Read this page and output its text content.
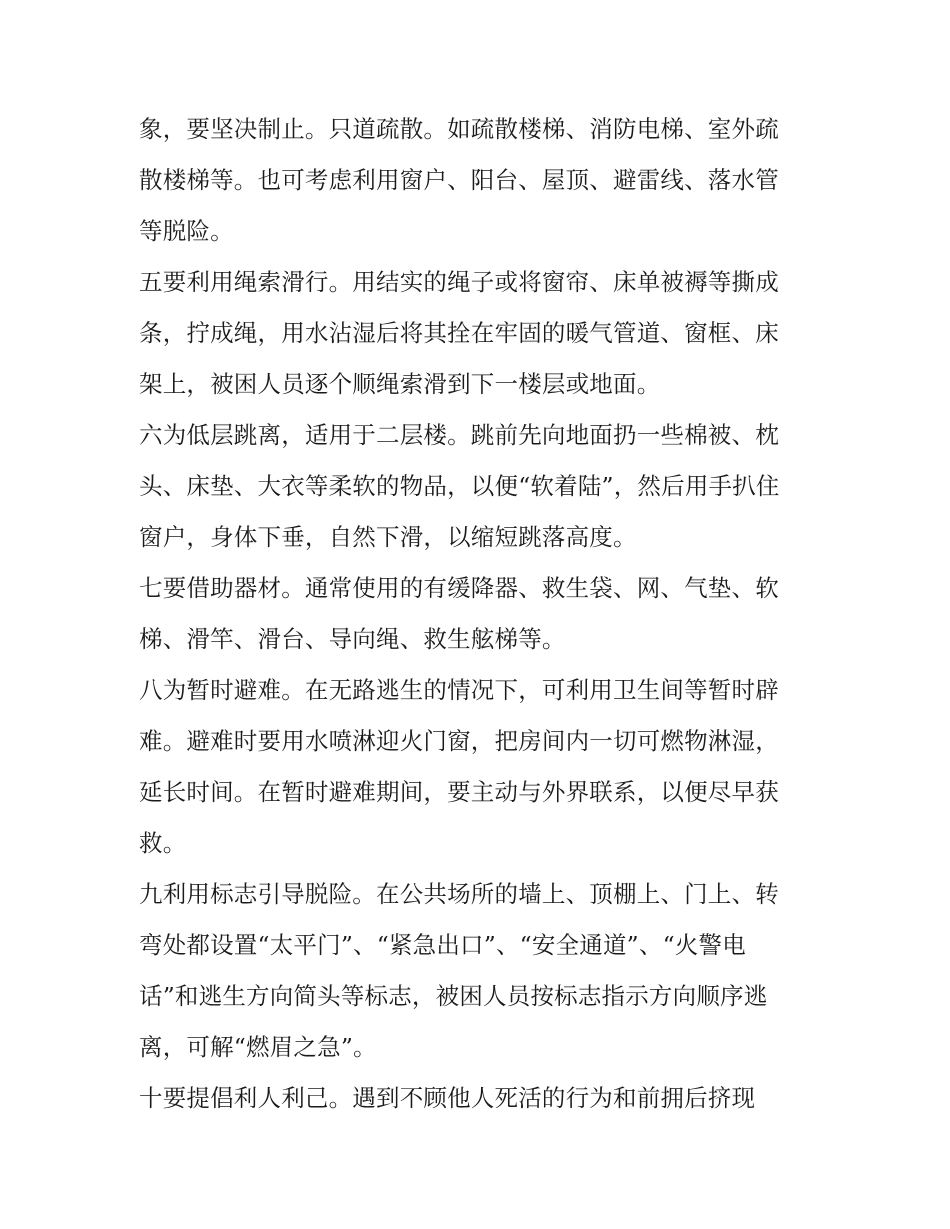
象，要坚决制止。只道疏散。如疏散楼梯、消防电梯、室外疏
散楼梯等。也可考虑利用窗户、阳台、屋顶、避雷线、落水管
等脱险。
五要利用绳索滑行。用结实的绳子或将窗帘、床单被褥等撕成
条，拧成绳，用水沾湿后将其拴在牢固的暖气管道、窗框、床
架上，被困人员逐个顺绳索滑到下一楼层或地面。
六为低层跳离，适用于二层楼。跳前先向地面扔一些棉被、枕
头、床垫、大衣等柔软的物品，以便“软着陆”，然后用手扒住
窗户，身体下垂，自然下滑，以缩短跳落高度。
七要借助器材。通常使用的有缓降器、救生袋、网、气垫、软
梯、滑竿、滑台、导向绳、救生舷梯等。
八为暂时避难。在无路逃生的情况下，可利用卫生间等暂时辟
难。避难时要用水喷淋迎火门窗，把房间内一切可燃物淋湿，
延长时间。在暂时避难期间，要主动与外界联系，以便尽早获
救。
九利用标志引导脱险。在公共场所的墙上、顶棚上、门上、转
弯处都设置“太平门”、“紧急出口”、“安全通道”、“火警电
话”和逃生方向简头等标志，被困人员按标志指示方向顺序逃
离，可解“燃眉之急”。
十要提倡利人利己。遇到不顾他人死活的行为和前拥后挤现
